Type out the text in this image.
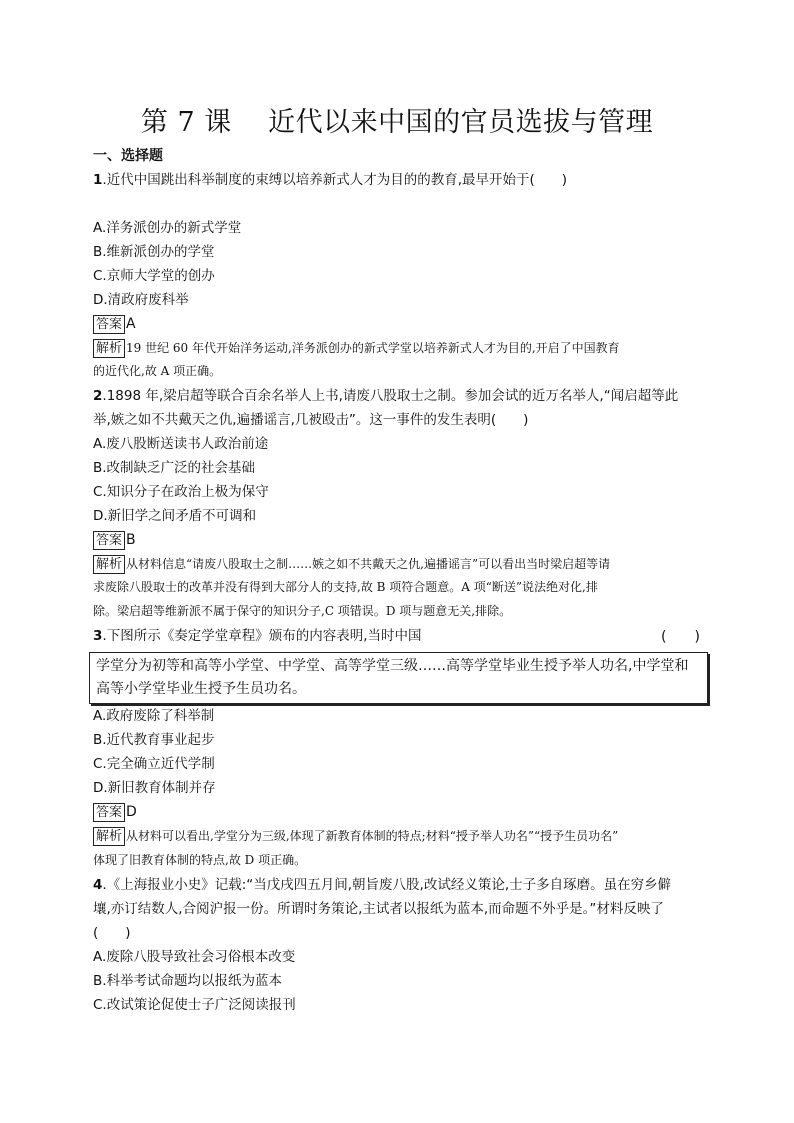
第 7 课    近代以来中国的官员选拔与管理
一、选择题
1.近代中国跳出科举制度的束缚以培养新式人才为目的的教育,最早开始于(　　)
A.洋务派创办的新式学堂
B.维新派创办的学堂
C.京师大学堂的创办
D.清政府废科举
答案 A
解析 19 世纪 60 年代开始洋务运动,洋务派创办的新式学堂以培养新式人才为目的,开启了中国教育
的近代化,故 A 项正确。
2.1898 年,梁启超等联合百余名举人上书,请废八股取士之制。参加会试的近万名举人,“闻启超等此
举,嫉之如不共戴天之仇,遍播谣言,几被殴击”。这一事件的发生表明(　　)
A.废八股断送读书人政治前途
B.改制缺乏广泛的社会基础
C.知识分子在政治上极为保守
D.新旧学之间矛盾不可调和
答案 B
解析 从材料信息“请废八股取士之制……嫉之如不共戴天之仇,遍播谣言”可以看出当时梁启超等请
求废除八股取士的改革并没有得到大部分人的支持,故 B 项符合题意。A 项“断送”说法绝对化,排
除。梁启超等维新派不属于保守的知识分子,C 项错误。D 项与题意无关,排除。
3.下图所示《奏定学堂章程》颁布的内容表明,当时中国	(　　)
学堂分为初等和高等小学堂、中学堂、高等学堂三级……高等学堂毕业生授予举人功名,中学堂和
高等小学堂毕业生授予生员功名。
A.政府废除了科举制
B.近代教育事业起步
C.完全确立近代学制
D.新旧教育体制并存
答案 D
解析 从材料可以看出,学堂分为三级,体现了新教育体制的特点;材料“授予举人功名”“授予生员功名”
体现了旧教育体制的特点,故 D 项正确。
4.《上海报业小史》记载:“当戊戌四五月间,朝旨废八股,改试经义策论,士子多自琢磨。虽在穷乡僻
壤,亦订结数人,合阅沪报一份。所谓时务策论,主试者以报纸为蓝本,而命题不外乎是。”材料反映了
(　　)
A.废除八股导致社会习俗根本改变
B.科举考试命题均以报纸为蓝本
C.改试策论促使士子广泛阅读报刊
